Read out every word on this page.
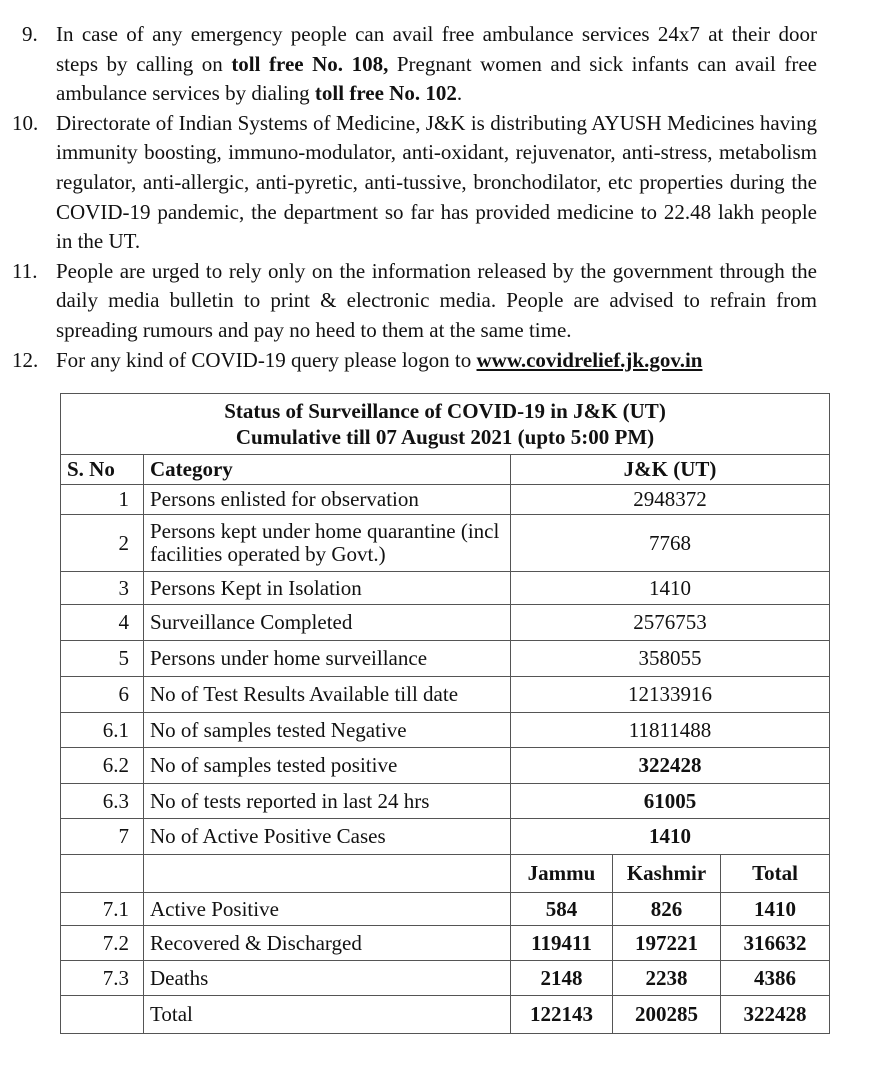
9. In case of any emergency people can avail free ambulance services 24x7 at their door steps by calling on toll free No. 108, Pregnant women and sick infants can avail free ambulance services by dialing toll free No. 102.
10. Directorate of Indian Systems of Medicine, J&K is distributing AYUSH Medicines having immunity boosting, immuno-modulator, anti-oxidant, rejuvenator, anti-stress, metabolism regulator, anti-allergic, anti-pyretic, anti-tussive, bronchodilator, etc properties during the COVID-19 pandemic, the department so far has provided medicine to 22.48 lakh people in the UT.
11. People are urged to rely only on the information released by the government through the daily media bulletin to print & electronic media. People are advised to refrain from spreading rumours and pay no heed to them at the same time.
12. For any kind of COVID-19 query please logon to www.covidrelief.jk.gov.in
Status of Surveillance of COVID-19 in J&K (UT)
Cumulative till 07 August 2021 (upto 5:00 PM)				

S. No	Category	J&K (UT)		
1	Persons enlisted for observation	2948372		
2	Persons kept under home quarantine (incl facilities operated by Govt.)	7768		
3	Persons Kept in Isolation	1410		
4	Surveillance Completed	2576753		
5	Persons under home surveillance	358055		
6	No of Test Results Available till date	12133916		
6.1	No of samples tested Negative	11811488		
6.2	No of samples tested positive	322428		
6.3	No of tests reported in last 24 hrs	61005		
7	No of Active Positive Cases	1410		
		Jammu	Kashmir	Total
7.1	Active Positive	584	826	1410
7.2	Recovered & Discharged	119411	197221	316632
7.3	Deaths	2148	2238	4386
	Total	122143	200285	322428
